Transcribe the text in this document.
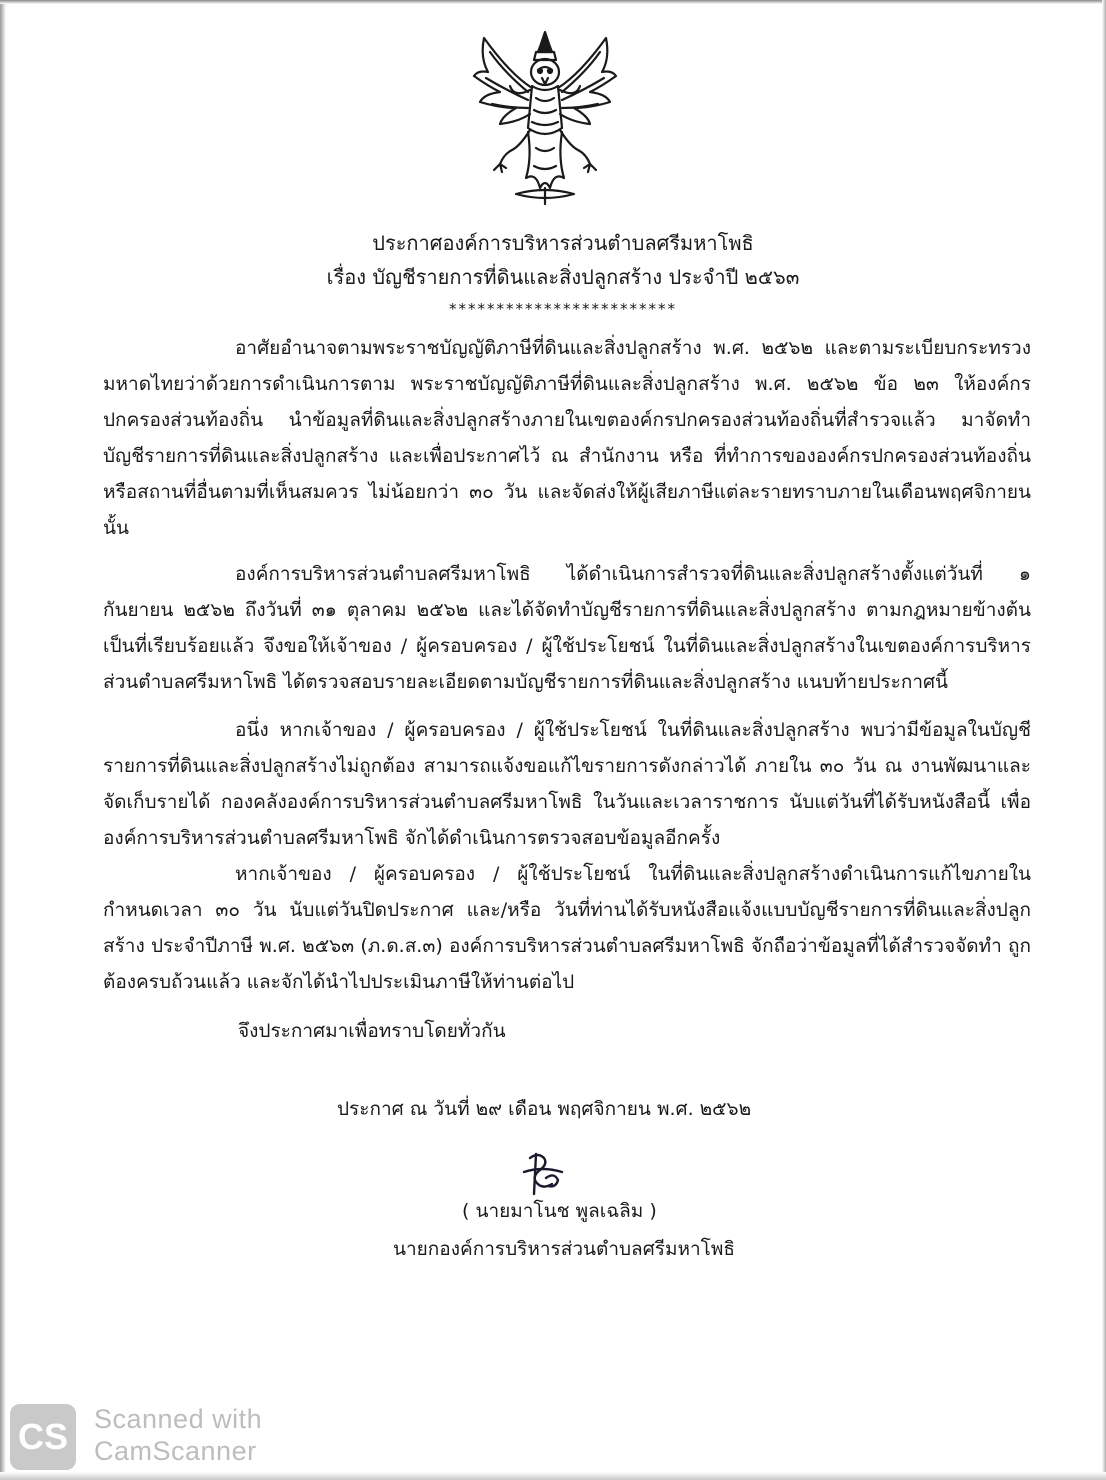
ประกาศองค์การบริหารส่วนตำบลศรีมหาโพธิ
เรื่อง บัญชีรายการที่ดินและสิ่งปลูกสร้าง ประจำปี ๒๕๖๓
************************
อาศัยอำนาจตามพระราชบัญญัติภาษีที่ดินและสิ่งปลูกสร้าง พ.ศ. ๒๕๖๒ และตามระเบียบกระทรวงมหาดไทยว่าด้วยการดำเนินการตาม พระราชบัญญัติภาษีที่ดินและสิ่งปลูกสร้าง พ.ศ. ๒๕๖๒ ข้อ ๒๓ ให้องค์กรปกครองส่วนท้องถิ่น นำข้อมูลที่ดินและสิ่งปลูกสร้างภายในเขตองค์กรปกครองส่วนท้องถิ่นที่สำรวจแล้ว มาจัดทำบัญชีรายการที่ดินและสิ่งปลูกสร้าง และเพื่อประกาศไว้ ณ สำนักงาน หรือ ที่ทำการขององค์กรปกครองส่วนท้องถิ่น หรือสถานที่อื่นตามที่เห็นสมควร ไม่น้อยกว่า ๓๐ วัน และจัดส่งให้ผู้เสียภาษีแต่ละรายทราบภายในเดือนพฤศจิกายน นั้น
องค์การบริหารส่วนตำบลศรีมหาโพธิ ได้ดำเนินการสำรวจที่ดินและสิ่งปลูกสร้างตั้งแต่วันที่ ๑ กันยายน ๒๕๖๒ ถึงวันที่ ๓๑ ตุลาคม ๒๕๖๒ และได้จัดทำบัญชีรายการที่ดินและสิ่งปลูกสร้าง ตามกฎหมายข้างต้นเป็นที่เรียบร้อยแล้ว จึงขอให้เจ้าของ / ผู้ครอบครอง / ผู้ใช้ประโยชน์ ในที่ดินและสิ่งปลูกสร้างในเขตองค์การบริหารส่วนตำบลศรีมหาโพธิ ได้ตรวจสอบรายละเอียดตามบัญชีรายการที่ดินและสิ่งปลูกสร้าง แนบท้ายประกาศนี้
อนึ่ง หากเจ้าของ / ผู้ครอบครอง / ผู้ใช้ประโยชน์ ในที่ดินและสิ่งปลูกสร้าง พบว่ามีข้อมูลในบัญชีรายการที่ดินและสิ่งปลูกสร้างไม่ถูกต้อง สามารถแจ้งขอแก้ไขรายการดังกล่าวได้ ภายใน ๓๐ วัน ณ งานพัฒนาและจัดเก็บรายได้ กองคลังองค์การบริหารส่วนตำบลศรีมหาโพธิ ในวันและเวลาราชการ นับแต่วันที่ได้รับหนังสือนี้ เพื่อองค์การบริหารส่วนตำบลศรีมหาโพธิ จักได้ดำเนินการตรวจสอบข้อมูลอีกครั้ง
หากเจ้าของ / ผู้ครอบครอง / ผู้ใช้ประโยชน์ ในที่ดินและสิ่งปลูกสร้างดำเนินการแก้ไขภายในกำหนดเวลา ๓๐ วัน นับแต่วันปิดประกาศ และ/หรือ วันที่ท่านได้รับหนังสือแจ้งแบบบัญชีรายการที่ดินและสิ่งปลูกสร้าง ประจำปีภาษี พ.ศ. ๒๕๖๓ (ภ.ด.ส.๓) องค์การบริหารส่วนตำบลศรีมหาโพธิ จักถือว่าข้อมูลที่ได้สำรวจจัดทำ ถูกต้องครบถ้วนแล้ว และจักได้นำไปประเมินภาษีให้ท่านต่อไป
จึงประกาศมาเพื่อทราบโดยทั่วกัน
ประกาศ ณ วันที่ ๒๙ เดือน พฤศจิกายน พ.ศ. ๒๕๖๒
( นายมาโนช พูลเฉลิม )
นายกองค์การบริหารส่วนตำบลศรีมหาโพธิ
CS Scanned with
CamScanner
